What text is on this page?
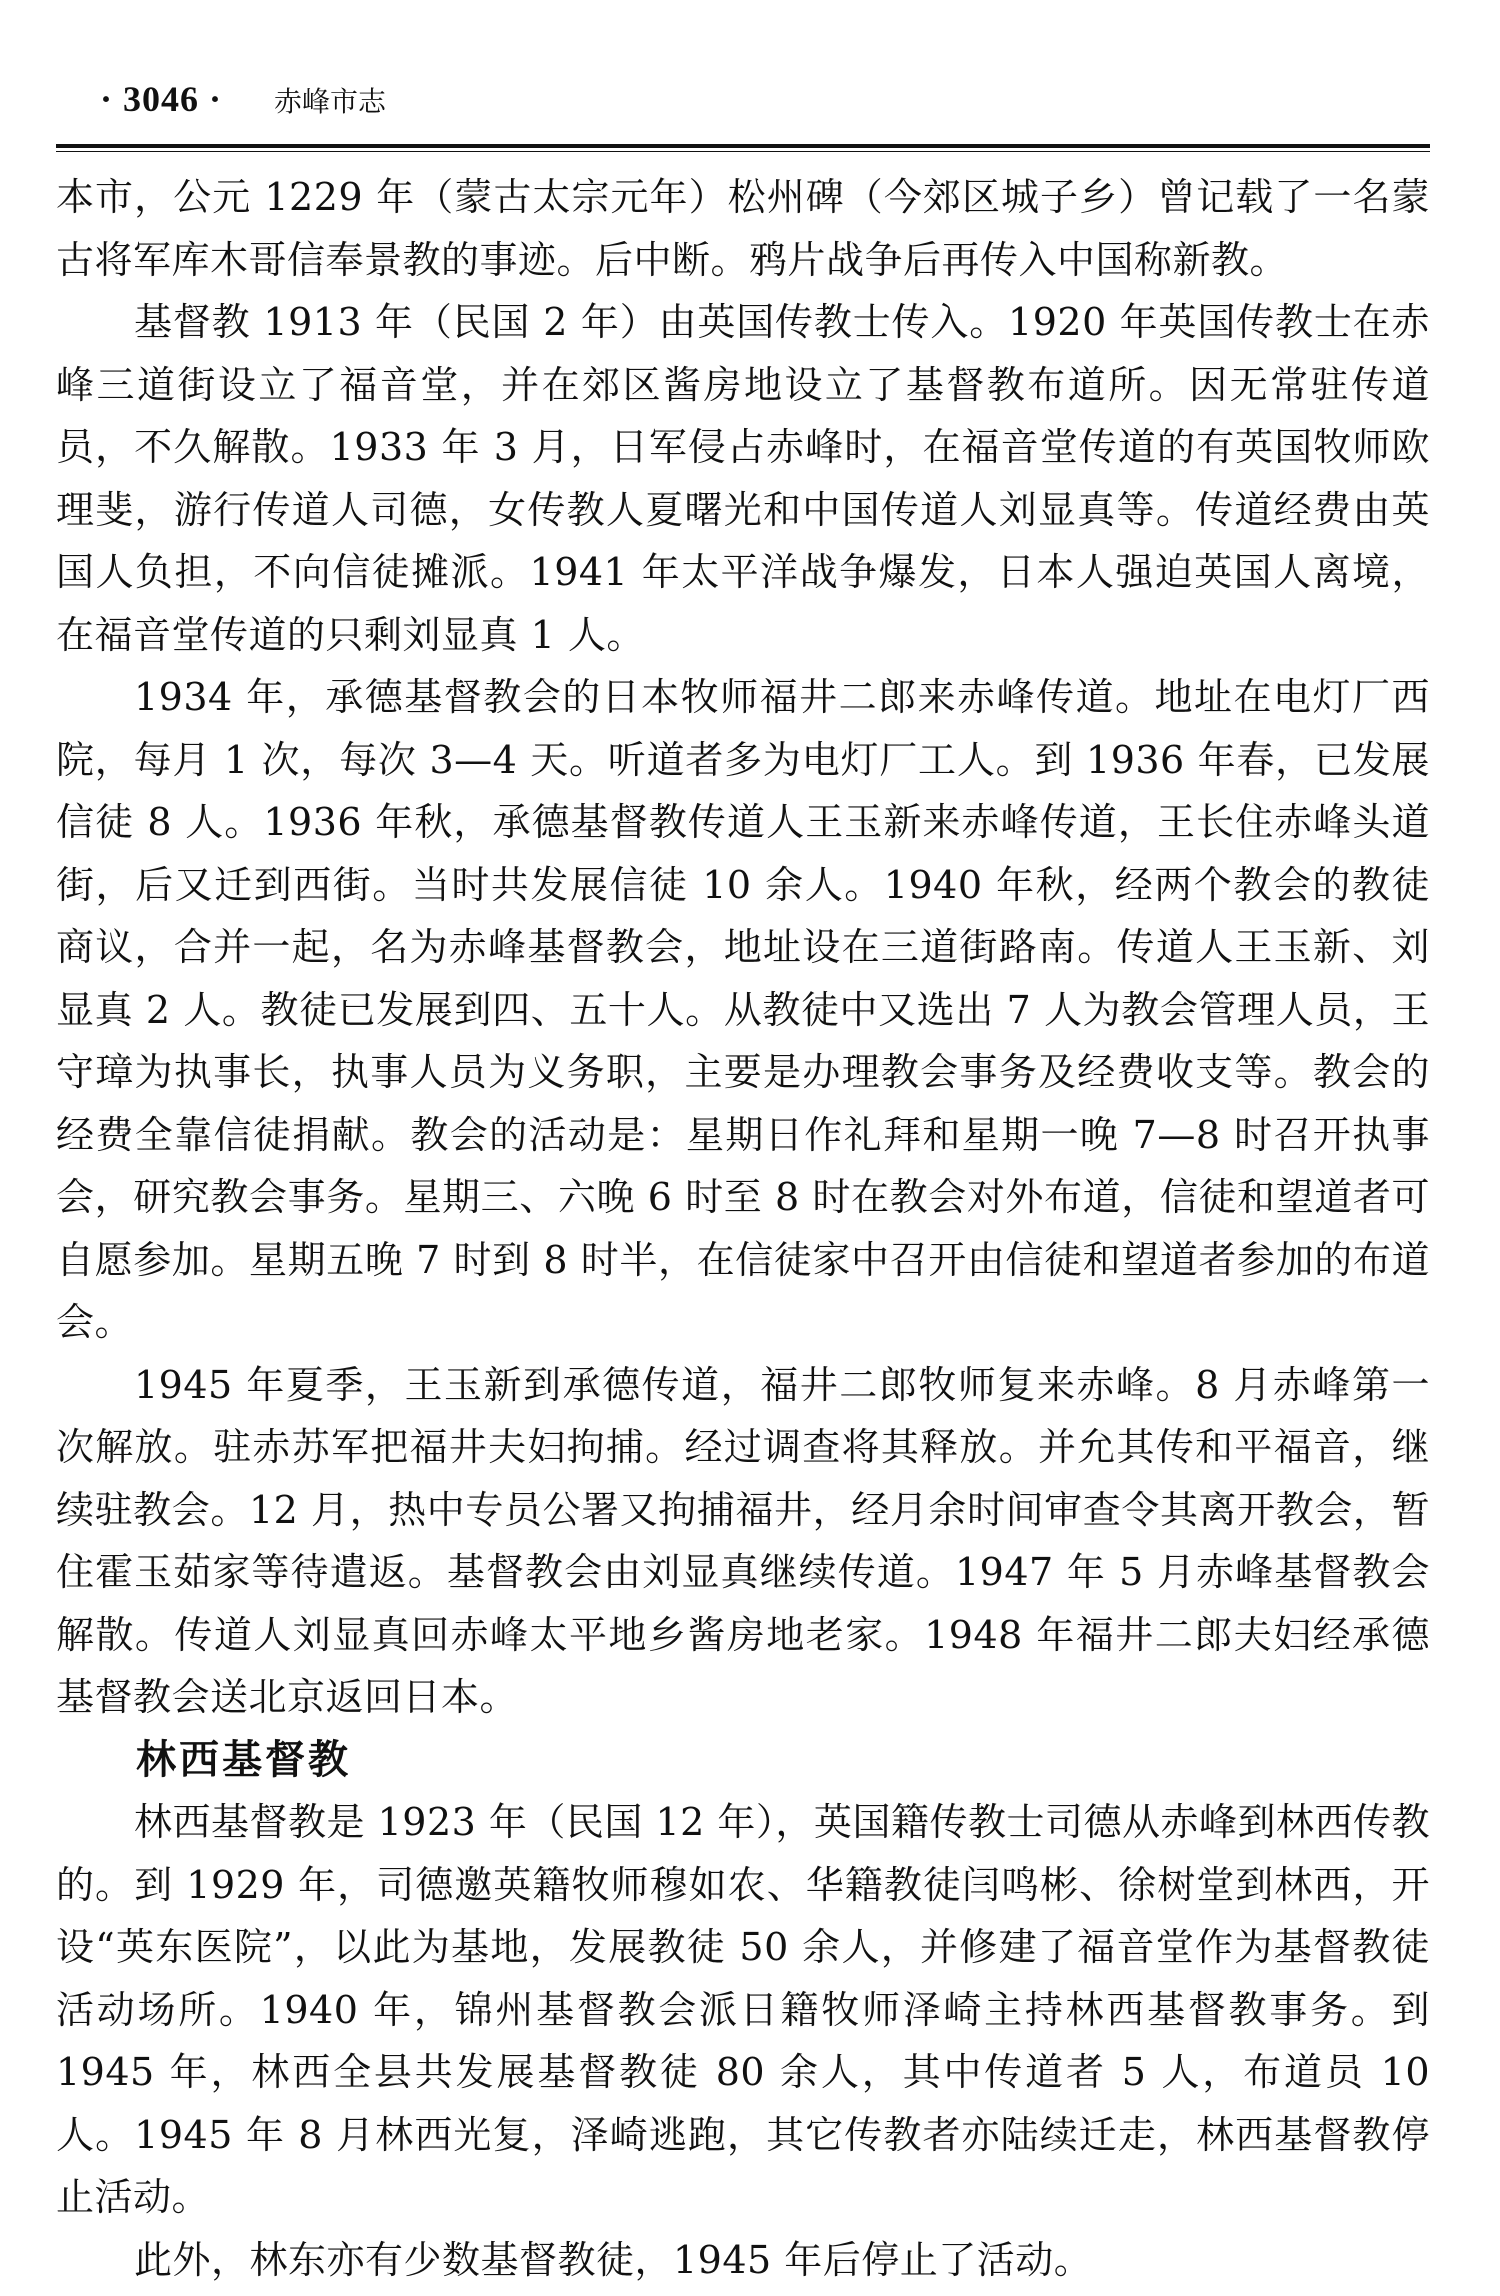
· 3046 · 赤峰市志

本市，公元 1229 年（蒙古太宗元年）松州碑（今郊区城子乡）曾记载了一名蒙古将军库木哥信奉景教的事迹。后中断。鸦片战争后再传入中国称新教。

基督教 1913 年（民国 2 年）由英国传教士传入。1920 年英国传教士在赤峰三道街设立了福音堂，并在郊区酱房地设立了基督教布道所。因无常驻传道员，不久解散。1933 年 3 月，日军侵占赤峰时，在福音堂传道的有英国牧师欧理斐，游行传道人司德，女传教人夏曙光和中国传道人刘显真等。传道经费由英国人负担，不向信徒摊派。1941 年太平洋战争爆发，日本人强迫英国人离境，在福音堂传道的只剩刘显真 1 人。

1934 年，承德基督教会的日本牧师福井二郎来赤峰传道。地址在电灯厂西院，每月 1 次，每次 3—4 天。听道者多为电灯厂工人。到 1936 年春，已发展信徒 8 人。1936 年秋，承德基督教传道人王玉新来赤峰传道，王长住赤峰头道街，后又迁到西街。当时共发展信徒 10 余人。1940 年秋，经两个教会的教徒商议，合并一起，名为赤峰基督教会，地址设在三道街路南。传道人王玉新、刘显真 2 人。教徒已发展到四、五十人。从教徒中又选出 7 人为教会管理人员，王守璋为执事长，执事人员为义务职，主要是办理教会事务及经费收支等。教会的经费全靠信徒捐献。教会的活动是：星期日作礼拜和星期一晚 7—8 时召开执事会，研究教会事务。星期三、六晚 6 时至 8 时在教会对外布道，信徒和望道者可自愿参加。星期五晚 7 时到 8 时半，在信徒家中召开由信徒和望道者参加的布道会。

1945 年夏季，王玉新到承德传道，福井二郎牧师复来赤峰。8 月赤峰第一次解放。驻赤苏军把福井夫妇拘捕。经过调查将其释放。并允其传和平福音，继续驻教会。12 月，热中专员公署又拘捕福井，经月余时间审查令其离开教会，暂住霍玉茹家等待遣返。基督教会由刘显真继续传道。1947 年 5 月赤峰基督教会解散。传道人刘显真回赤峰太平地乡酱房地老家。1948 年福井二郎夫妇经承德基督教会送北京返回日本。

林西基督教

林西基督教是 1923 年（民国 12 年），英国籍传教士司德从赤峰到林西传教的。到 1929 年，司德邀英籍牧师穆如农、华籍教徒闫鸣彬、徐树堂到林西，开设“英东医院”，以此为基地，发展教徒 50 余人，并修建了福音堂作为基督教徒活动场所。1940 年，锦州基督教会派日籍牧师泽崎主持林西基督教事务。到 1945 年，林西全县共发展基督教徒 80 余人，其中传道者 5 人，布道员 10 人。1945 年 8 月林西光复，泽崎逃跑，其它传教者亦陆续迁走，林西基督教停止活动。

此外，林东亦有少数基督教徒，1945 年后停止了活动。
